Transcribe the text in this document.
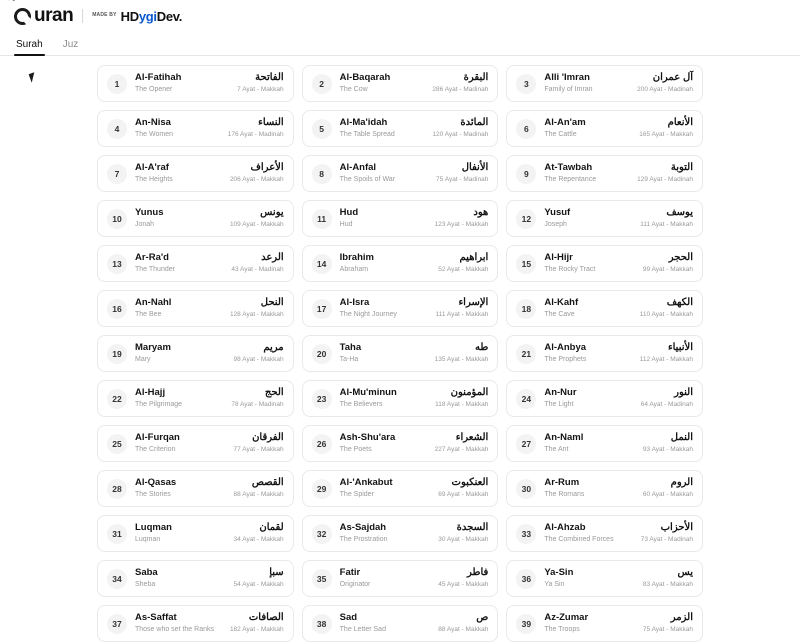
uran	MADE BY HDygiDev.
Surah	Juz
1
Al-Fatihah
The Opener
الفاتحة
7 Ayat - Makkah
2
Al-Baqarah
The Cow
البقرة
286 Ayat - Madinah
3
Alli 'Imran
Family of Imran
آل عمران
200 Ayat - Madinah
4
An-Nisa
The Women
النساء
176 Ayat - Madinah
5
Al-Ma'idah
The Table Spread
المائدة
120 Ayat - Madinah
6
Al-An'am
The Cattle
الأنعام
165 Ayat - Makkah
7
Al-A'raf
The Heights
الأعراف
206 Ayat - Makkah
8
Al-Anfal
The Spoils of War
الأنفال
75 Ayat - Madinah
9
At-Tawbah
The Repentance
التوبة
129 Ayat - Madinah
10
Yunus
Jonah
يونس
109 Ayat - Makkah
11
Hud
Hud
هود
123 Ayat - Makkah
12
Yusuf
Joseph
يوسف
111 Ayat - Makkah
13
Ar-Ra'd
The Thunder
الرعد
43 Ayat - Madinah
14
Ibrahim
Abraham
ابراهيم
52 Ayat - Makkah
15
Al-Hijr
The Rocky Tract
الحجر
99 Ayat - Makkah
16
An-Nahl
The Bee
النحل
128 Ayat - Makkah
17
Al-Isra
The Night Journey
الإسراء
111 Ayat - Makkah
18
Al-Kahf
The Cave
الكهف
110 Ayat - Makkah
19
Maryam
Mary
مريم
98 Ayat - Makkah
20
Taha
Ta-Ha
طه
135 Ayat - Makkah
21
Al-Anbya
The Prophets
الأنبياء
112 Ayat - Makkah
22
Al-Hajj
The Pilgrimage
الحج
78 Ayat - Madinah
23
Al-Mu'minun
The Believers
المؤمنون
118 Ayat - Makkah
24
An-Nur
The Light
النور
64 Ayat - Madinah
25
Al-Furqan
The Criterion
الفرقان
77 Ayat - Makkah
26
Ash-Shu'ara
The Poets
الشعراء
227 Ayat - Makkah
27
An-Naml
The Ant
النمل
93 Ayat - Makkah
28
Al-Qasas
The Stories
القصص
88 Ayat - Makkah
29
Al-'Ankabut
The Spider
العنكبوت
69 Ayat - Makkah
30
Ar-Rum
The Romans
الروم
60 Ayat - Makkah
31
Luqman
Luqman
لقمان
34 Ayat - Makkah
32
As-Sajdah
The Prostration
السجدة
30 Ayat - Makkah
33
Al-Ahzab
The Combined Forces
الأحزاب
73 Ayat - Madinah
34
Saba
Sheba
سبإ
54 Ayat - Makkah
35
Fatir
Originator
فاطر
45 Ayat - Makkah
36
Ya-Sin
Ya Sin
يس
83 Ayat - Makkah
37
As-Saffat
Those who set the Ranks
الصافات
182 Ayat - Makkah
38
Sad
The Letter Sad
ص
88 Ayat - Makkah
39
Az-Zumar
The Troops
الزمر
75 Ayat - Makkah
